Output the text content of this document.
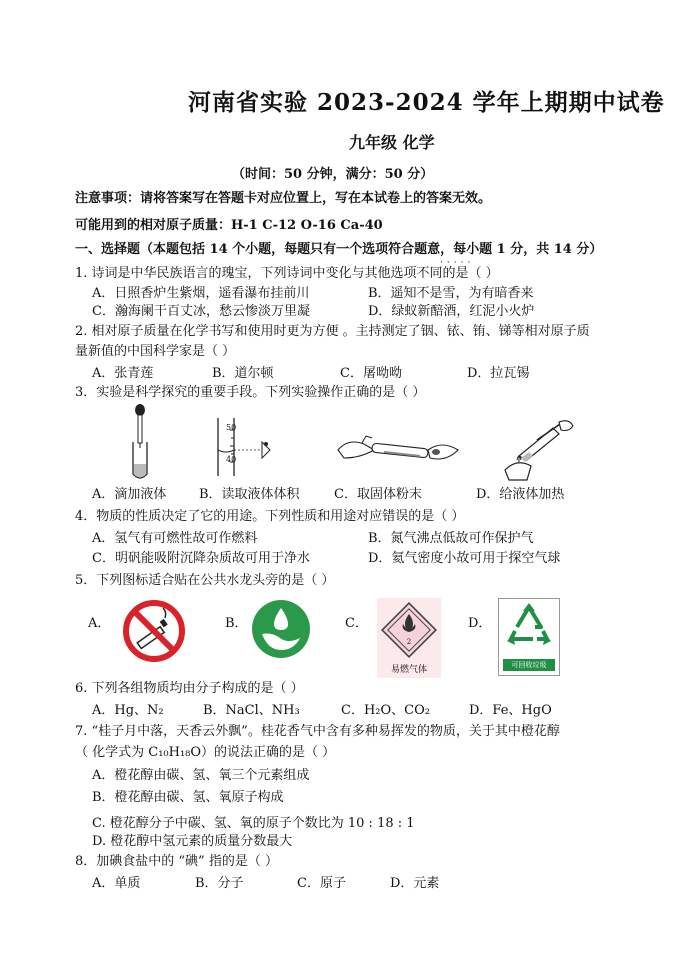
河南省实验 2023-2024 学年上期期中试卷
九年级 化学
（时间：50 分钟，满分：50 分）
注意事项：请将答案写在答题卡对应位置上，写在本试卷上的答案无效。
可能用到的相对原子质量：H-1 C-12 O-16 Ca-40
一、选择题（本题包括 14 个小题，每题只有一个选项符合题意，每小题 1 分，共 14 分）
·····
1. 诗词是中华民族语言的瑰宝，下列诗词中变化与其他选项不同的是（ ）
A．日照香炉生紫烟，遥看瀑布挂前川	B．遥知不是雪，为有暗香来
C．瀚海阑干百丈冰，愁云惨淡万里凝	D．绿蚁新醅酒，红泥小火炉
2. 相对原子质量在化学书写和使用时更为方便 。主持测定了铟、铱、铕、锑等相对原子质
量新值的中国科学家是（ ）
A．张青莲	B．道尔顿	C．屠呦呦	D．拉瓦锡
3．实验是科学探究的重要手段。下列实验操作正确的是（ ）
50
40
A．滴加液体	B．读取液体体积	C．取固体粉末	D．给液体加热
4．物质的性质决定了它的用途。下列性质和用途对应错误的是（ ）
A．氢气有可燃性故可作燃料	B．氮气沸点低故可作保护气
C．明矾能吸附沉降杂质故可用于净水	D．氦气密度小故可用于探空气球
5．下列图标适合贴在公共水龙头旁的是（ ）
A．	B．	C．
2
易燃气体
D．
可回收垃圾
6. 下列各组物质均由分子构成的是（ ）
A．Hg、N₂	B．NaCl、NH₃	C．H₂O、CO₂	D．Fe、HgO
7. “桂子月中落，天香云外飘”。桂花香气中含有多种易挥发的物质，关于其中橙花醇
（ 化学式为 C₁₀H₁₈O）的说法正确的是（ ）
A．橙花醇由碳、氢、氧三个元素组成
B．橙花醇由碳、氢、氧原子构成
C. 橙花醇分子中碳、氢、氧的原子个数比为 10 : 18 : 1
D. 橙花醇中氢元素的质量分数最大
8．加碘食盐中的 “碘” 指的是（ ）
A．单质	B．分子	C．原子	D．元素
